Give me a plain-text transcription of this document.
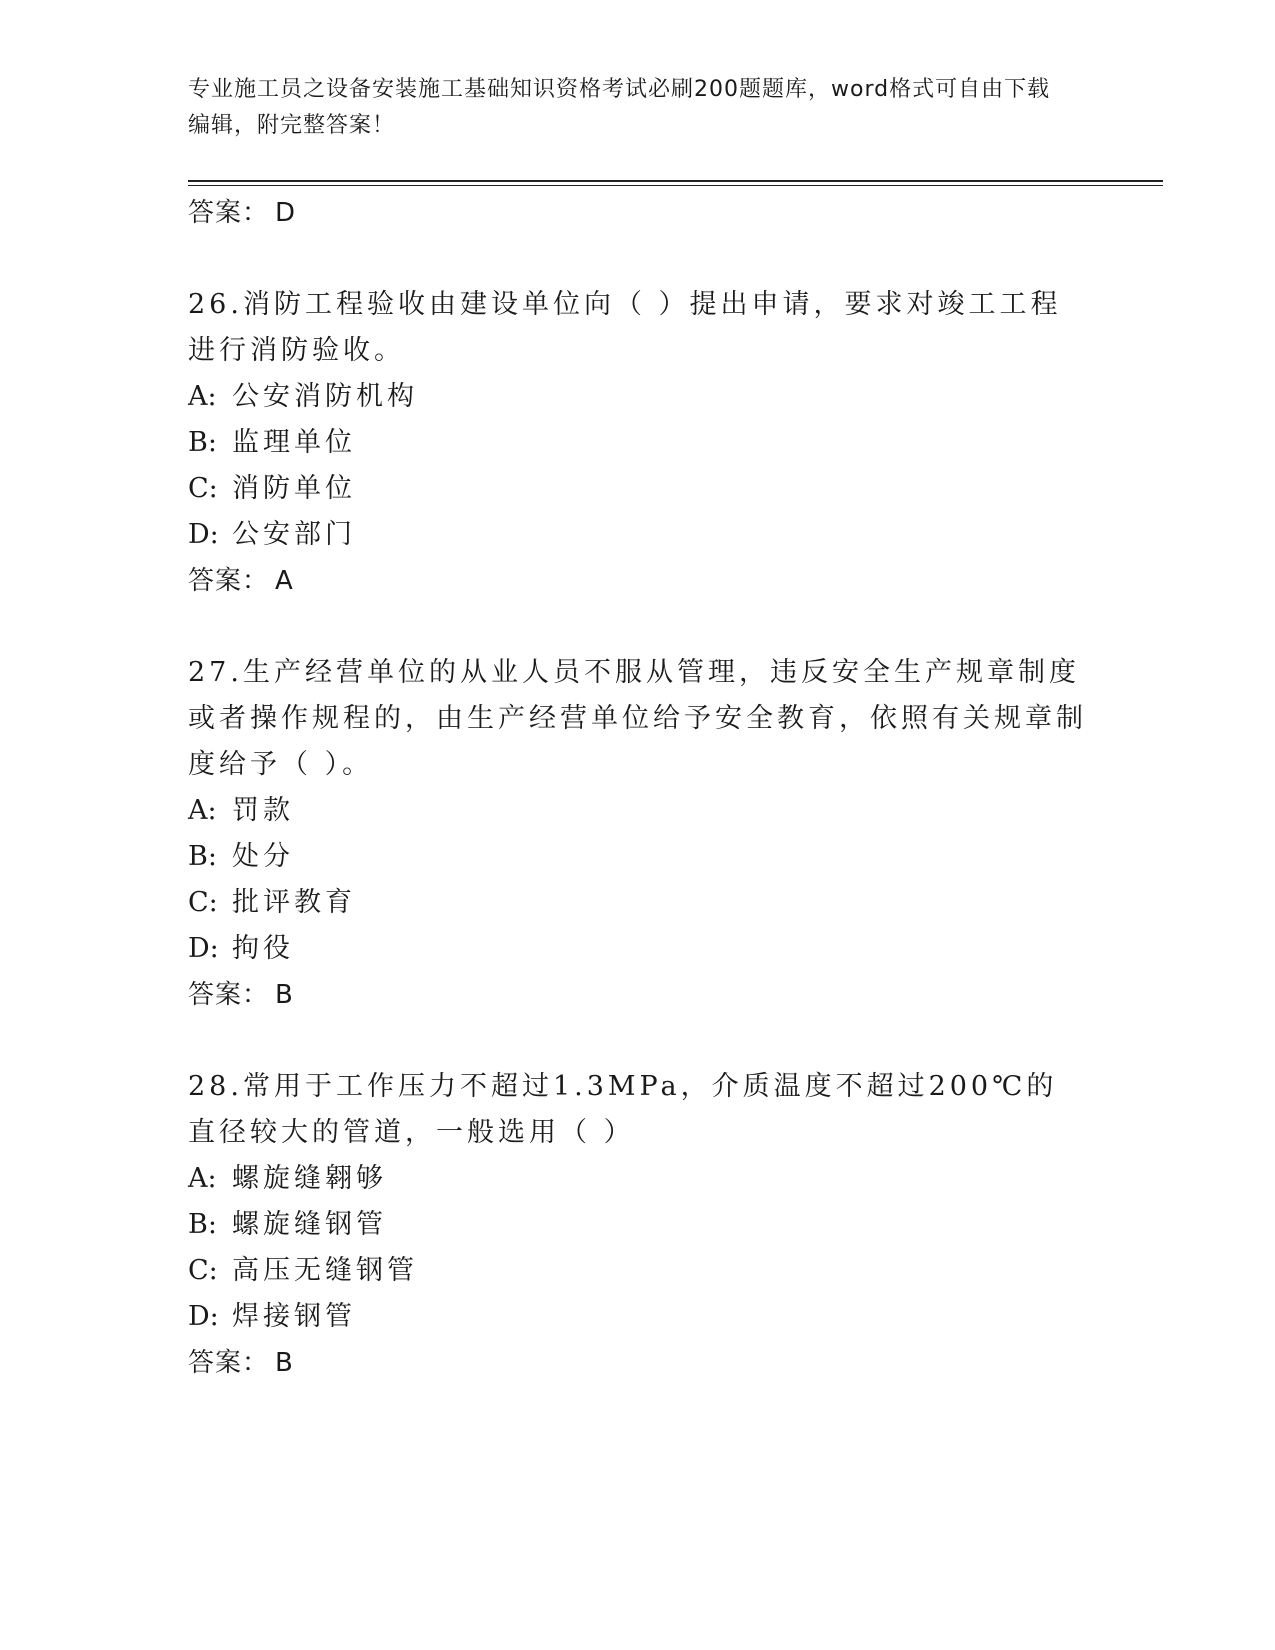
专业施工员之设备安装施工基础知识资格考试必刷200题题库，word格式可自由下载编辑，附完整答案！
答案： D
26.消防工程验收由建设单位向（ ）提出申请，要求对竣工工程进行消防验收。
A: 公安消防机构
B: 监理单位
C: 消防单位
D: 公安部门
答案： A
27.生产经营单位的从业人员不服从管理，违反安全生产规章制度或者操作规程的，由生产经营单位给予安全教育，依照有关规章制度给予（ ）。
A: 罚款
B: 处分
C: 批评教育
D: 拘役
答案： B
28.常用于工作压力不超过1.3MPa，介质温度不超过200℃的直径较大的管道，一般选用（ ）
A: 螺旋缝翱够
B: 螺旋缝钢管
C: 高压无缝钢管
D: 焊接钢管
答案： B
